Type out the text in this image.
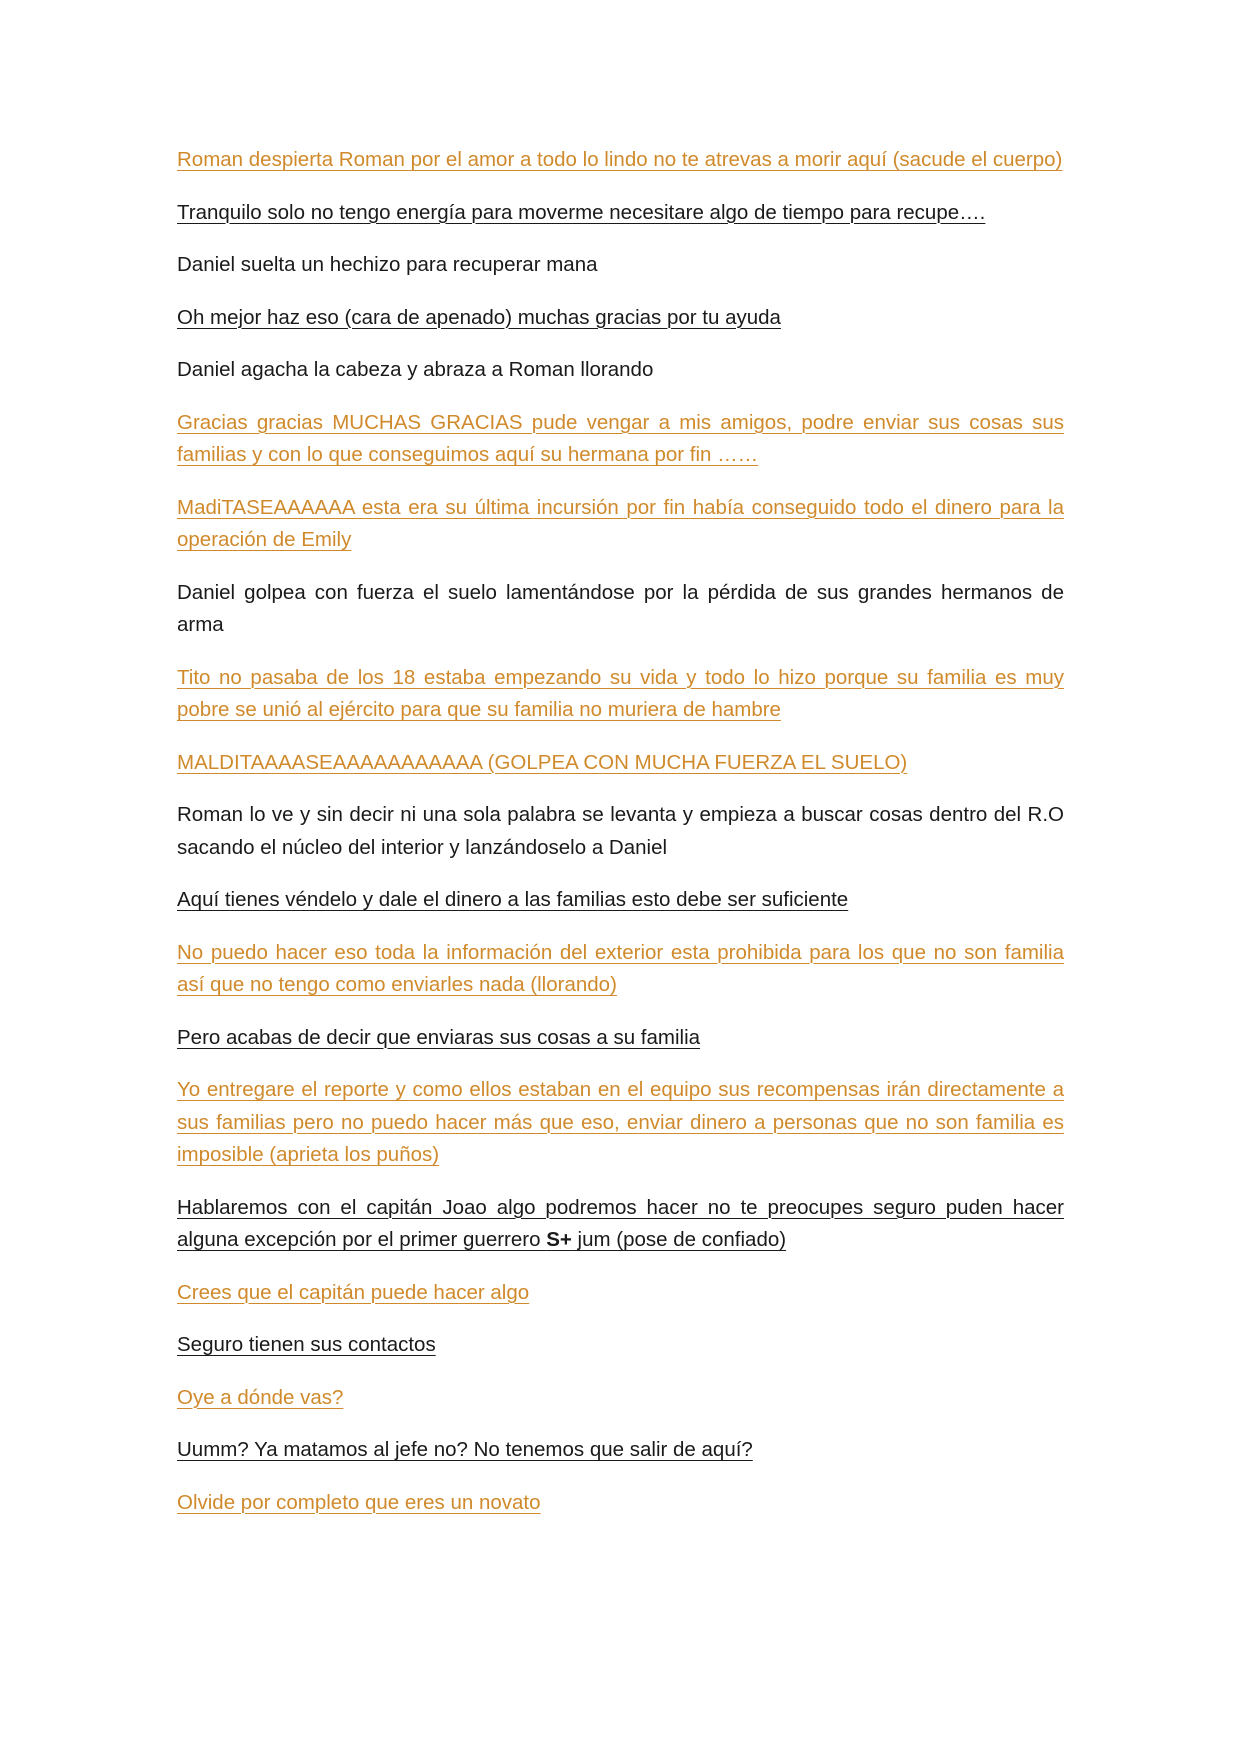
Roman despierta Roman por el amor a todo lo lindo no te atrevas a morir aquí (sacude el cuerpo)

Tranquilo solo no tengo energía para moverme necesitare algo de tiempo para recupe….

Daniel suelta un hechizo para recuperar mana

Oh mejor haz eso (cara de apenado) muchas gracias por tu ayuda

Daniel agacha la cabeza y abraza a Roman llorando

Gracias gracias MUCHAS GRACIAS pude vengar a mis amigos, podre enviar sus cosas sus familias y con lo que conseguimos aquí su hermana por fin ……

MadiTASEAAAAAA esta era su última incursión por fin había conseguido todo el dinero para la operación de Emily

Daniel golpea con fuerza el suelo lamentándose por la pérdida de sus grandes hermanos de arma

Tito no pasaba de los 18 estaba empezando su vida y todo lo hizo porque su familia es muy pobre se unió al ejército para que su familia no muriera de hambre

MALDITAAAASEAAAAAAAAAAA (GOLPEA CON MUCHA FUERZA EL SUELO)

Roman lo ve y sin decir ni una sola palabra se levanta y empieza a buscar cosas dentro del R.O sacando el núcleo del interior y lanzándoselo a Daniel

Aquí tienes véndelo y dale el dinero a las familias esto debe ser suficiente

No puedo hacer eso toda la información del exterior esta prohibida para los que no son familia así que no tengo como enviarles nada (llorando)

Pero acabas de decir que enviaras sus cosas a su familia

Yo entregare el reporte y como ellos estaban en el equipo sus recompensas irán directamente a sus familias pero no puedo hacer más que eso, enviar dinero a personas que no son familia es imposible (aprieta los puños)

Hablaremos con el capitán Joao algo podremos hacer no te preocupes seguro puden hacer alguna excepción por el primer guerrero S+ jum (pose de confiado)

Crees que el capitán puede hacer algo

Seguro tienen sus contactos

Oye a dónde vas?

Uumm? Ya matamos al jefe no? No tenemos que salir de aquí?

Olvide por completo que eres un novato
